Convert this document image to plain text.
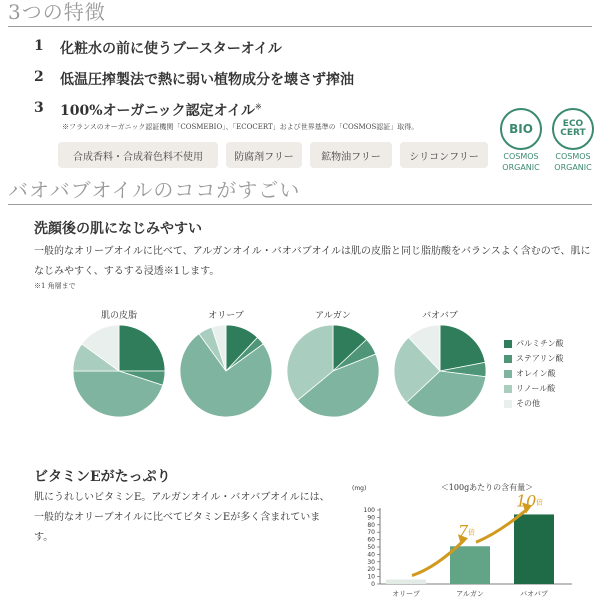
3つの特徴
1 化粧水の前に使うブースターオイル
2 低温圧搾製法で熱に弱い植物成分を壊さず搾油
3 100%オーガニック認定オイル※
※フランスのオーガニック認証機関「COSMEBIO」、「ECOCERT」および世界基準の「COSMOS認証」取得。
合成香料・合成着色料不使用	防腐剤フリー	鉱物油フリー	シリコンフリー
BIO
COSMOS
ORGANIC
ECO CERT
COSMOS
ORGANIC
バオバブオイルのココがすごい
洗顔後の肌になじみやすい
一般的なオリーブオイルに比べて、アルガンオイル・バオバブオイルは肌の皮脂と同じ脂肪酸をバランスよく含むので、肌になじみやすく、するする浸透※1します。
※1 角層まで
肌の皮脂	オリーブ	アルガン	バオバブ
パルミチン酸
ステアリン酸
オレイン酸
リノール酸
その他
ビタミンEがたっぷり
肌にうれしいビタミンE。アルガンオイル・バオバブオイルには、一般的なオリーブオイルに比べてビタミンEが多く含まれています。
＜100gあたりの含有量＞
(mg)
0
10
20
30
40
50
60
70
80
90
100
オリーブ	アルガン	バオバブ
7 倍
10 倍
